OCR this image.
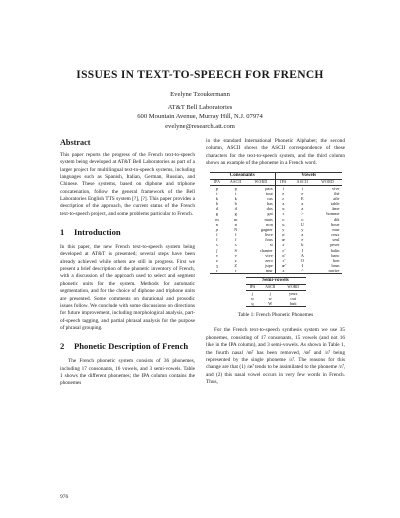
ISSUES IN TEXT-TO-SPEECH FOR FRENCH
Evelyne Tzoukermann
AT&T Bell Laboratories
600 Mountain Avenue, Murray Hill, N.J. 07974
evelyne@research.att.com
Abstract

This paper reports the progress of the French text-to-speech system being developed at AT&T Bell Laboratories as part of a larger project for multilingual text-to-speech systems, including languages such as Spanish, Italian, German, Russian, and Chinese. These systems, based on diphone and triphone concatenation, follow the general framework of the Bell Laboratories English TTS system [?], [?]. This paper provides a description of the approach, the current status of the French text-to-speech project, and some problems particular to French.

1	Introduction

In this paper, the new French text-to-speech system being developed at AT&T is presented; several steps have been already achieved while others are still in progress. First we present a brief description of the phonetic inventory of French, with a discussion of the approach used to select and segment phonetic units for the system. Methods for automatic segmentation, and for the choice of diphone and triphone units are presented. Some comments on durational and prosodic issues follow. We conclude with some discussions on directions for future improvement, including morphological analysis, part-of-speech tagging, and partial phrasal analysis for the purpose of phrasal grouping.

2	Phonetic Description of French

The French phonetic system consists of 36 phonemes, including 17 consonants, 16 vowels, and 3 semi-vowels. Table 1 shows the different phonemes; the IPA column contains the phonemes

in the standard International Phonetic Alphabet; the second column, ASCII shows the ASCII correspondence of these characters for the text-to-speech system, and the third column shows an example of the phoneme in a French word.

Consonants			Vowels		
IPA	ASCII	WORD	IPA	ASCII	WORD
p	p	paix	i	i	vive
t	t	tout	e	e	thé
k	k	cas	ɛ	E	aile
b	b	bas	a	a	table
d	d	dos	ɑ	a	âme
g	g	gai	ɔ	>	homme
m	m	mais	o	o	dôt
n	n	non	u	U	boue
ɲ	N	gagner	y	y	mur
f	f	livre	ø	a	ceux
f	f	fous	œ	e	seul
s	s	si	ə	k	peser
ʃ	S	chanter	ɛ̃	I	balin
v	v	vive	ɑ̃	A	banc
z	z	zero	ɔ̃	O	bon
ʒ	Z	jupe	œ̃	I	brun
r	r	mur	ə	^	navire
Semi-vowels		
IPA	ASCII	WORD
j	j	yeux
w	w	oui
ɥ	W	huit
Table 1: French Phonetic Phonemes

For the French text-to-speech synthesis system we use 35 phonemes, consisting of 17 consonants, 15 vowels (and not 16 like in the IPA column), and 3 semi-vowels. As shown in Table 1, the fourth nasal /œ̃/ has been removed, /œ̃/ and /ɛ̃/ being represented by the single phoneme /ɛ̃/. The reasons for this change are that (1) /œ̃/ tends to be assimilated to the phoneme /ɛ̃/, and (2) this nasal vowel occurs in very few words in French. Thus,

976
